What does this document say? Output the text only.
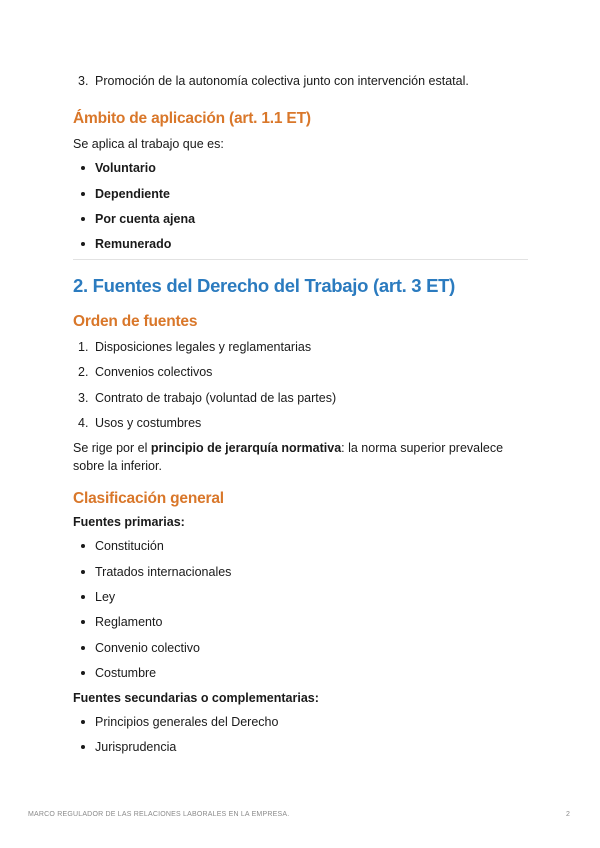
3. Promoción de la autonomía colectiva junto con intervención estatal.

Ámbito de aplicación (art. 1.1 ET)

Se aplica al trabajo que es:

Voluntario
Dependiente
Por cuenta ajena
Remunerado

2. Fuentes del Derecho del Trabajo (art. 3 ET)

Orden de fuentes

1. Disposiciones legales y reglamentarias
2. Convenios colectivos
3. Contrato de trabajo (voluntad de las partes)
4. Usos y costumbres

Se rige por el principio de jerarquía normativa: la norma superior prevalece

sobre la inferior.

Clasificación general

Fuentes primarias:

Constitución
Tratados internacionales
Ley
Reglamento
Convenio colectivo
Costumbre

Fuentes secundarias o complementarias:

Principios generales del Derecho
Jurisprudencia
MARCO REGULADOR DE LAS RELACIONES LABORALES EN LA EMPRESA.	2
